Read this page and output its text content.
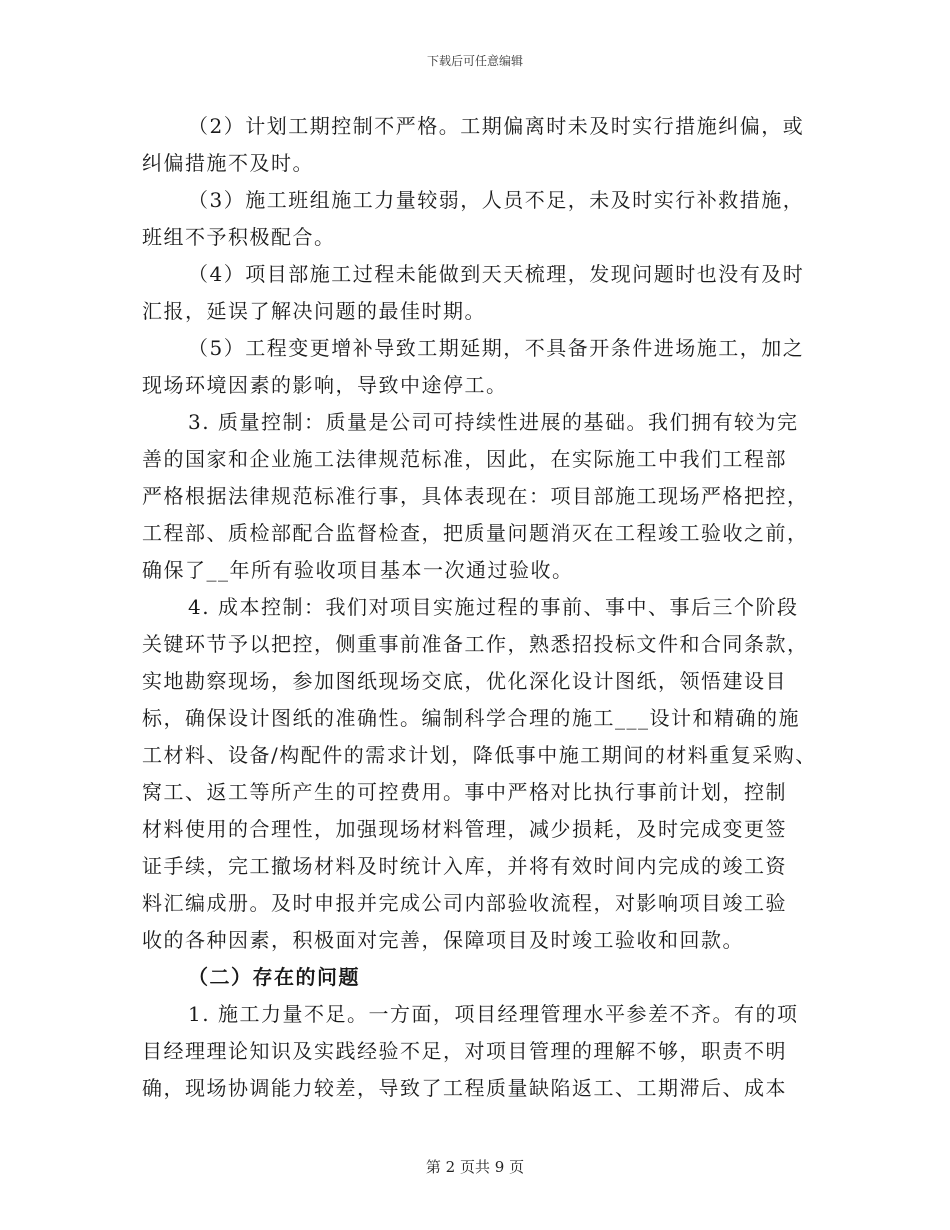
下载后可任意编辑
（2）计划工期控制不严格。工期偏离时未及时实行措施纠偏，或
纠偏措施不及时。
（3）施工班组施工力量较弱，人员不足，未及时实行补救措施，
班组不予积极配合。
（4）项目部施工过程未能做到天天梳理，发现问题时也没有及时
汇报，延误了解决问题的最佳时期。
（5）工程变更增补导致工期延期，不具备开条件进场施工，加之
现场环境因素的影响，导致中途停工。
3. 质量控制：质量是公司可持续性进展的基础。我们拥有较为完
善的国家和企业施工法律规范标准，因此，在实际施工中我们工程部
严格根据法律规范标准行事，具体表现在：项目部施工现场严格把控，
工程部、质检部配合监督检查，把质量问题消灭在工程竣工验收之前，
确保了__年所有验收项目基本一次通过验收。
4. 成本控制：我们对项目实施过程的事前、事中、事后三个阶段
关键环节予以把控，侧重事前准备工作，熟悉招投标文件和合同条款，
实地勘察现场，参加图纸现场交底，优化深化设计图纸，领悟建设目
标，确保设计图纸的准确性。编制科学合理的施工___设计和精确的施
工材料、设备/构配件的需求计划，降低事中施工期间的材料重复采购、
窝工、返工等所产生的可控费用。事中严格对比执行事前计划，控制
材料使用的合理性，加强现场材料管理，减少损耗，及时完成变更签
证手续，完工撤场材料及时统计入库，并将有效时间内完成的竣工资
料汇编成册。及时申报并完成公司内部验收流程，对影响项目竣工验
收的各种因素，积极面对完善，保障项目及时竣工验收和回款。
（二）存在的问题
1. 施工力量不足。一方面，项目经理管理水平参差不齐。有的项
目经理理论知识及实践经验不足，对项目管理的理解不够，职责不明
确，现场协调能力较差，导致了工程质量缺陷返工、工期滞后、成本
第 2 页共 9 页
